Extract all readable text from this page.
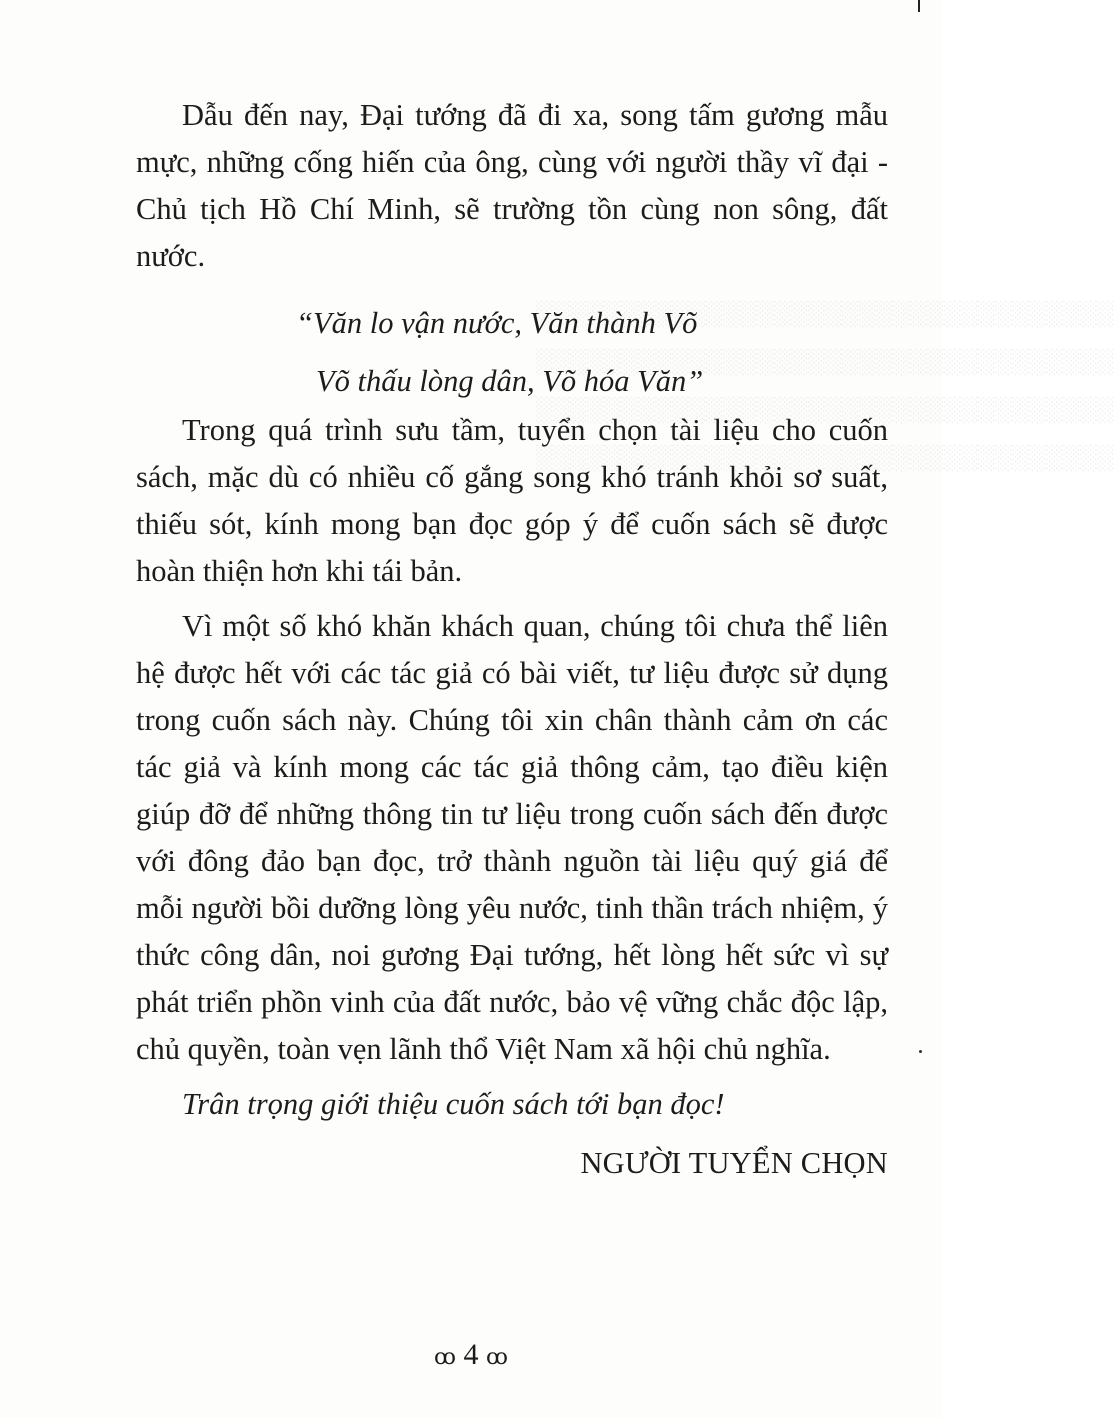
░░░░░░░░░░░░░░░░░░░░░░░░░░░░░░░░░░
░░░░░░░░░░░░░░░░░░░░░░░░░░░░░░░░░░
░░░░░░░░░░░░░░░░░░░░░░░░░░░░░░░░░░
░░░░░░░░░░░░░░░░░░░░░░░░░░░░░░░░░░

Dẫu đến nay, Đại tướng đã đi xa, song tấm gương mẫu mực, những cống hiến của ông, cùng với người thầy vĩ đại - Chủ tịch Hồ Chí Minh, sẽ trường tồn cùng non sông, đất nước.

“Văn lo vận nước, Văn thành Võ

Võ thấu lòng dân, Võ hóa Văn”

Trong quá trình sưu tầm, tuyển chọn tài liệu cho cuốn sách, mặc dù có nhiều cố gắng song khó tránh khỏi sơ suất, thiếu sót, kính mong bạn đọc góp ý để cuốn sách sẽ được hoàn thiện hơn khi tái bản.

Vì một số khó khăn khách quan, chúng tôi chưa thể liên hệ được hết với các tác giả có bài viết, tư liệu được sử dụng trong cuốn sách này. Chúng tôi xin chân thành cảm ơn các tác giả và kính mong các tác giả thông cảm, tạo điều kiện giúp đỡ để những thông tin tư liệu trong cuốn sách đến được với đông đảo bạn đọc, trở thành nguồn tài liệu quý giá để mỗi người bồi dưỡng lòng yêu nước, tinh thần trách nhiệm, ý thức công dân, noi gương Đại tướng, hết lòng hết sức vì sự phát triển phồn vinh của đất nước, bảo vệ vững chắc độc lập, chủ quyền, toàn vẹn lãnh thổ Việt Nam xã hội chủ nghĩa.

Trân trọng giới thiệu cuốn sách tới bạn đọc!

NGƯỜI TUYỂN CHỌN

ꝏ 4 ꝏ
